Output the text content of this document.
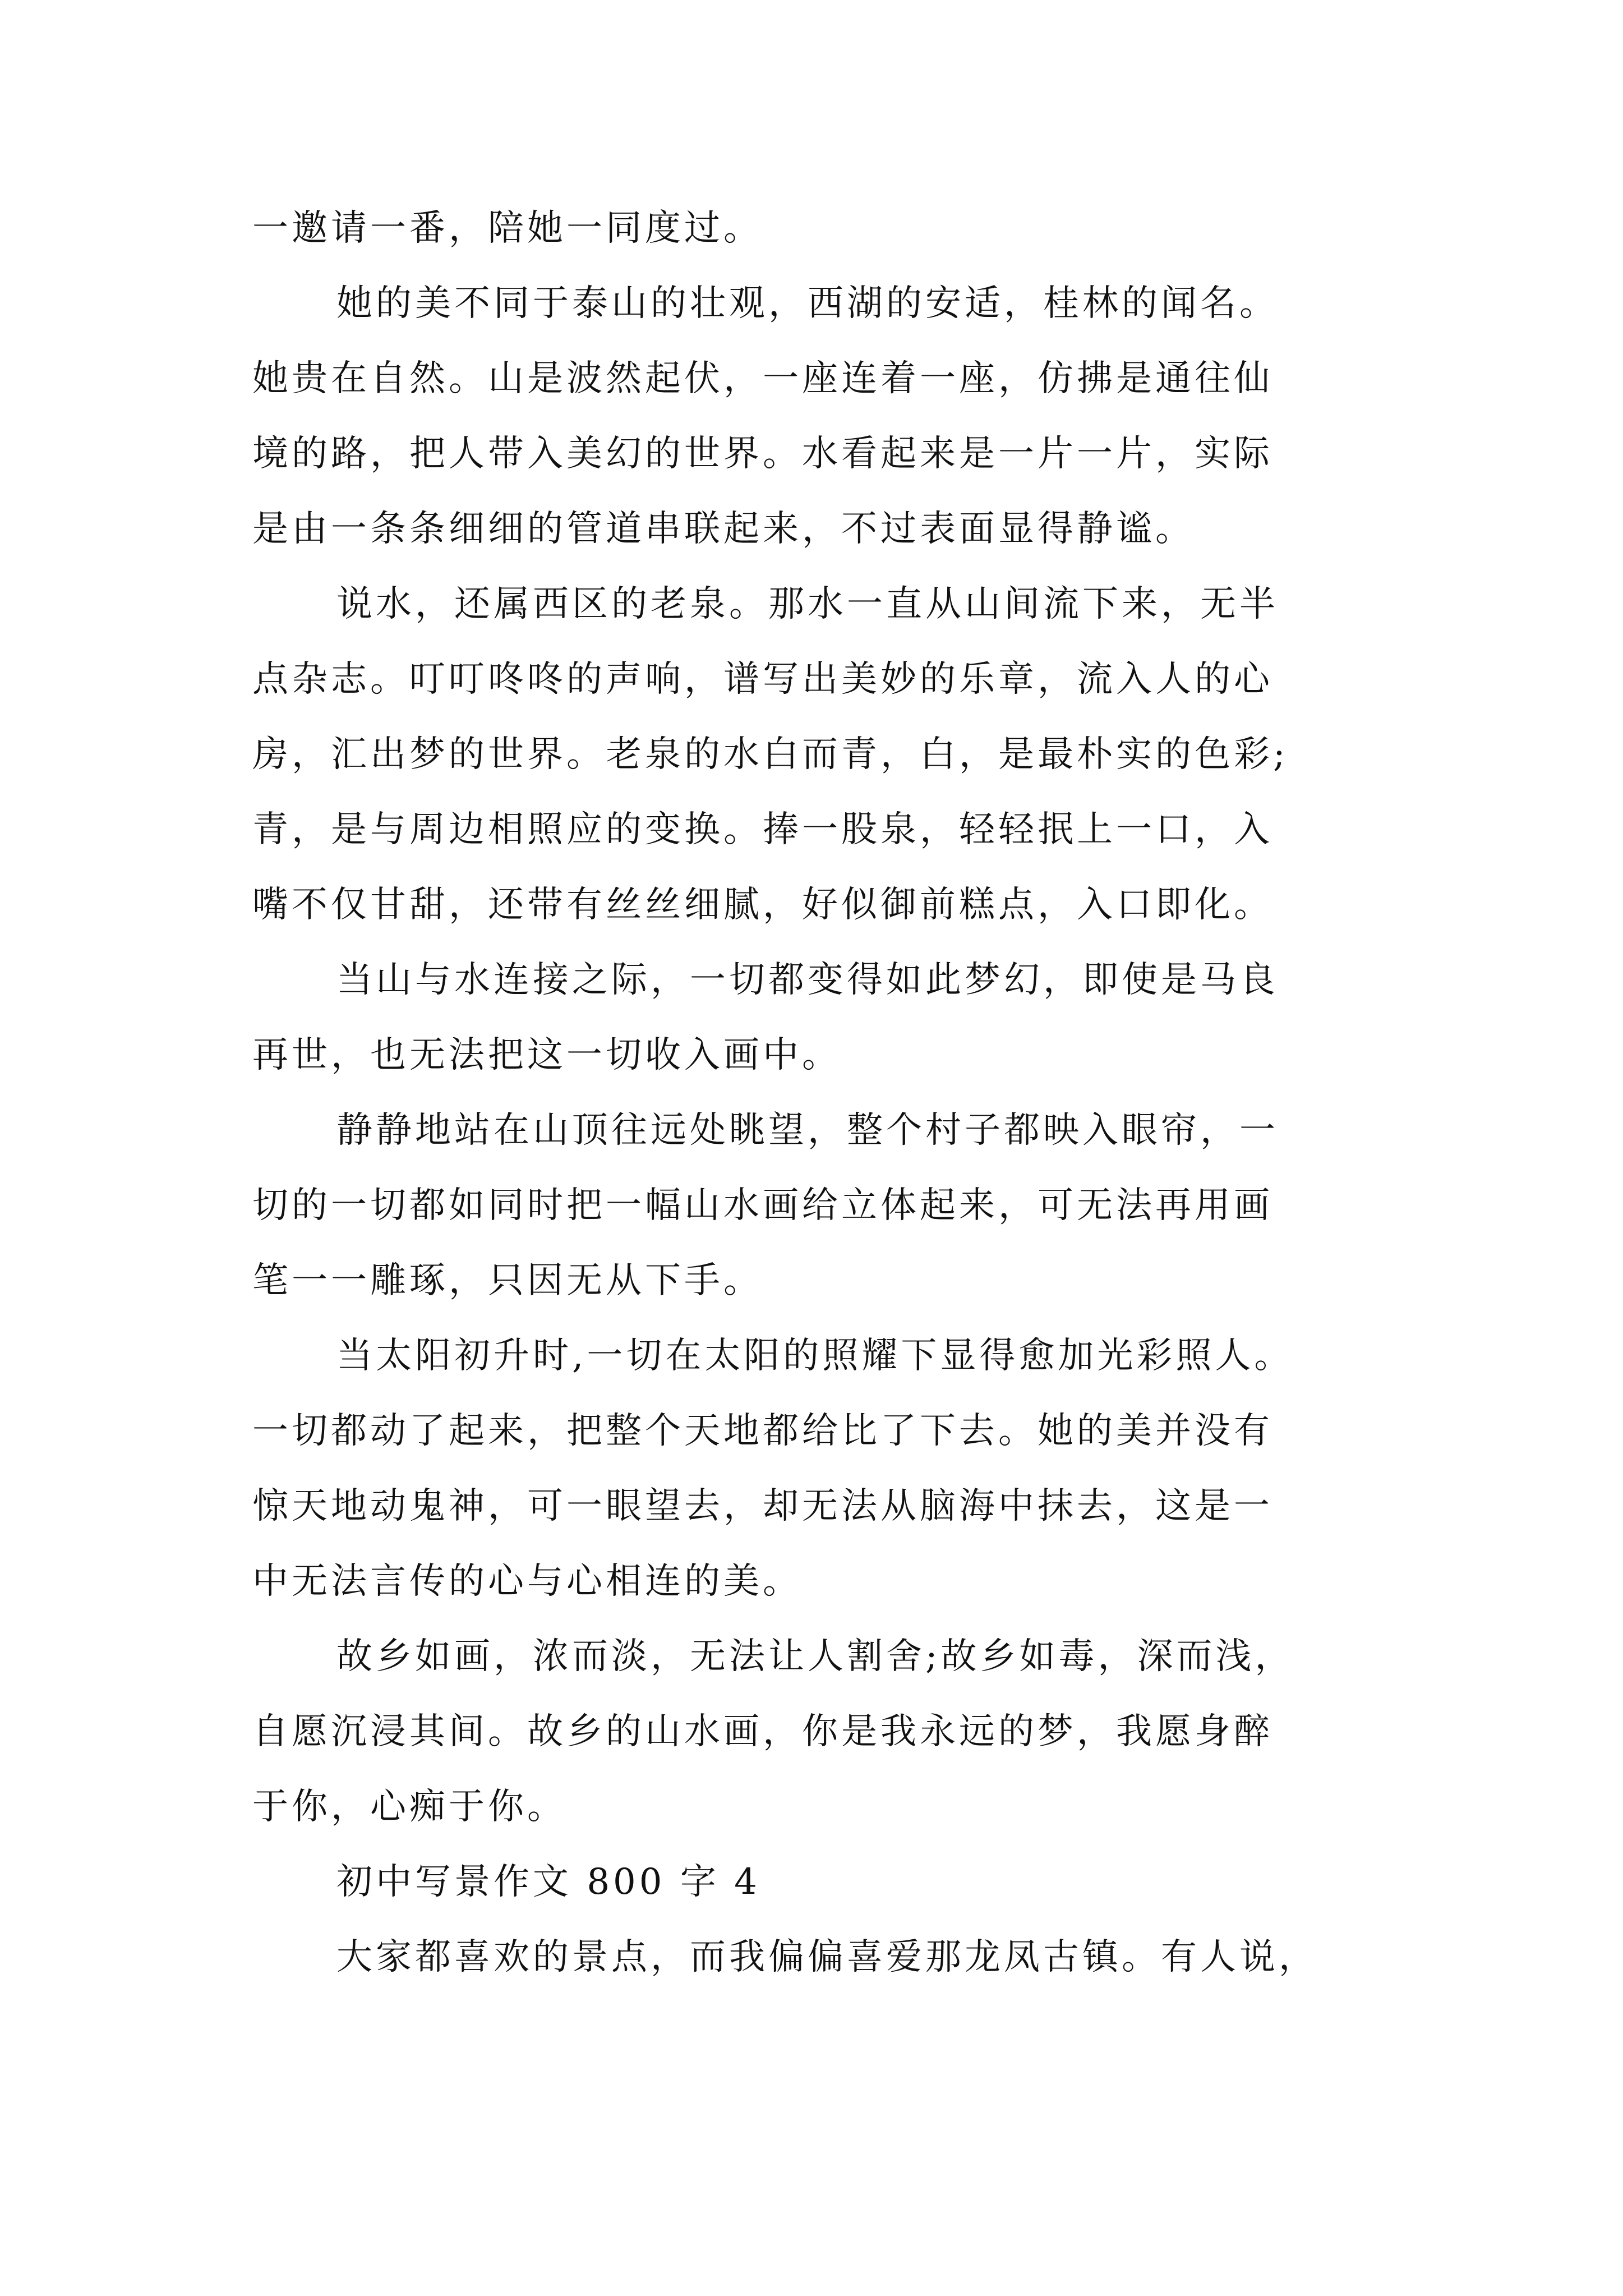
一邀请一番，陪她一同度过。
她的美不同于泰山的壮观，西湖的安适，桂林的闻名。
她贵在自然。山是波然起伏，一座连着一座，仿拂是通往仙
境的路，把人带入美幻的世界。水看起来是一片一片，实际
是由一条条细细的管道串联起来，不过表面显得静谧。
说水，还属西区的老泉。那水一直从山间流下来，无半
点杂志。叮叮咚咚的声响，谱写出美妙的乐章，流入人的心
房，汇出梦的世界。老泉的水白而青，白，是最朴实的色彩;
青，是与周边相照应的变换。捧一股泉，轻轻抿上一口，入
嘴不仅甘甜，还带有丝丝细腻，好似御前糕点，入口即化。
当山与水连接之际，一切都变得如此梦幻，即使是马良
再世，也无法把这一切收入画中。
静静地站在山顶往远处眺望，整个村子都映入眼帘，一
切的一切都如同时把一幅山水画给立体起来，可无法再用画
笔一一雕琢，只因无从下手。
当太阳初升时,一切在太阳的照耀下显得愈加光彩照人。
一切都动了起来，把整个天地都给比了下去。她的美并没有
惊天地动鬼神，可一眼望去，却无法从脑海中抹去，这是一
中无法言传的心与心相连的美。
故乡如画，浓而淡，无法让人割舍;故乡如毒，深而浅，
自愿沉浸其间。故乡的山水画，你是我永远的梦，我愿身醉
于你，心痴于你。
初中写景作文 800 字 4
大家都喜欢的景点，而我偏偏喜爱那龙凤古镇。有人说，
